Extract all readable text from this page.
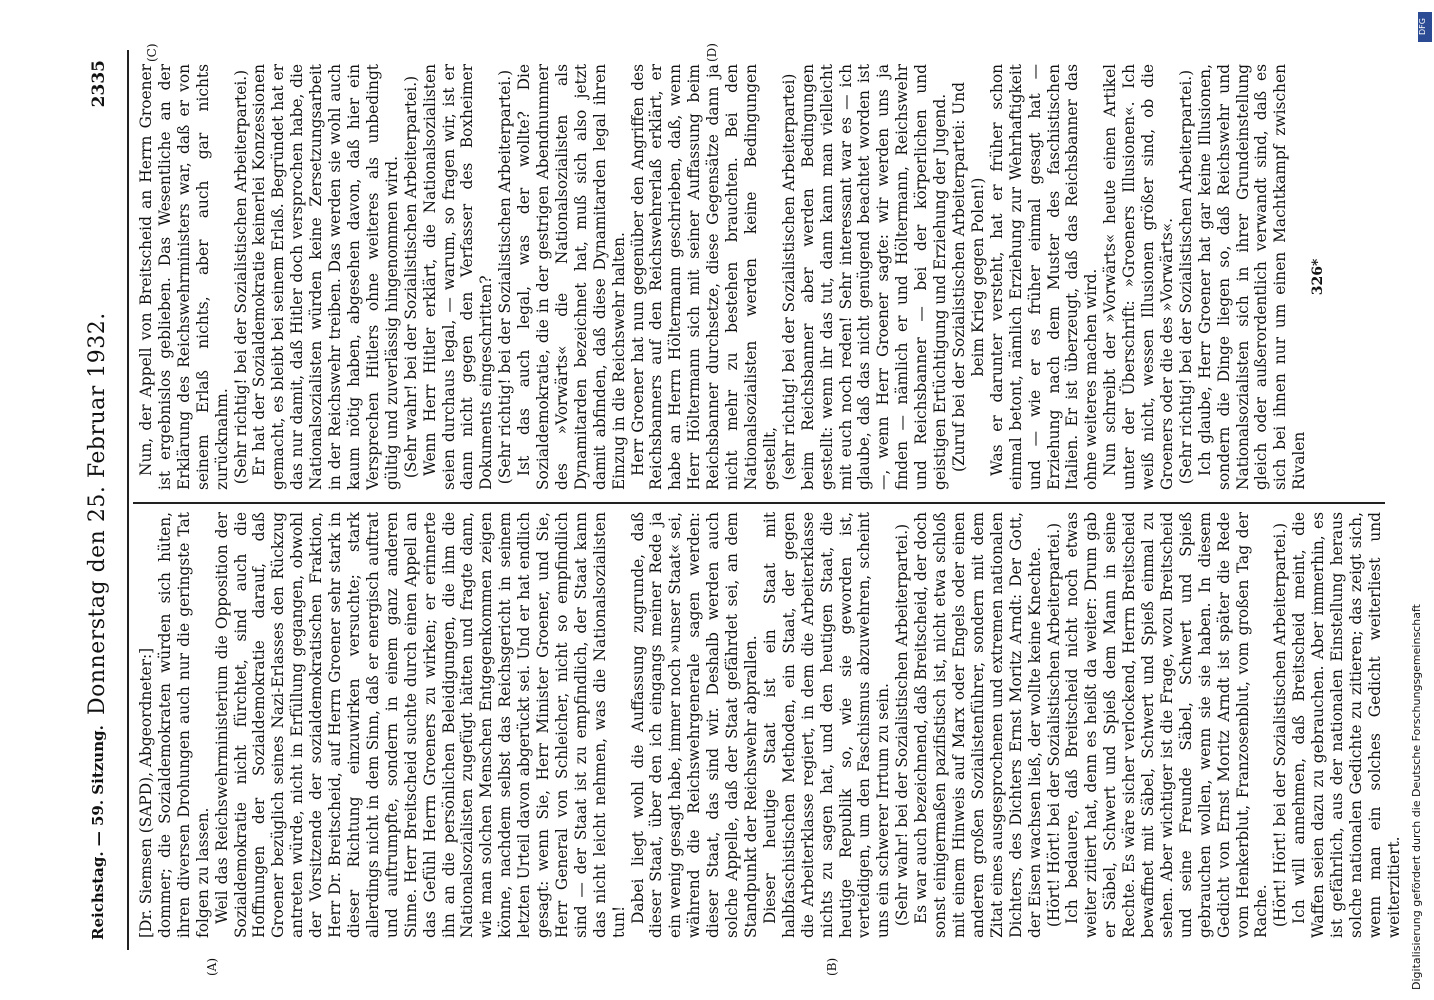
Reichstag. — 59. Sitzung.
Donnerstag den 25. Februar 1932.
2335
(A)	(B)
(C)	(D)

[Dr. Siemsen (SAPD), Abgeordneter:] dommer; die Sozialdemokraten würden sich hüten, ihren diversen Drohungen auch nur die geringste Tat folgen zu lassen. Weil das Reichswehrministerium die Opposition der Sozialdemokratie nicht fürchtet, sind auch die Hoffnungen der Sozialdemokratie darauf, daß Groener bezüglich seines Nazi-Erlasses den Rückzug antreten würde, nicht in Erfüllung gegangen, obwohl der Vorsitzende der sozialdemokratischen Fraktion, Herr Dr. Breitscheid, auf Herrn Groener sehr stark in dieser Richtung einzuwirken versuchte; stark allerdings nicht in dem Sinn, daß er energisch auftrat und auftrumpfte, sondern in einem ganz anderen Sinne. Herr Breitscheid suchte durch einen Appell an das Gefühl Herrn Groeners zu wirken; er erinnerte ihn an die persönlichen Beleidigungen, die ihm die Nationalsozialisten zugefügt hätten und fragte dann, wie man solchen Menschen Entgegenkommen zeigen könne, nachdem selbst das Reichsgericht in seinem letzten Urteil davon abgerückt sei. Und er hat endlich gesagt: wenn Sie, Herr Minister Groener, und Sie, Herr General von Schleicher, nicht so empfindlich sind — der Staat ist zu empfindlich, der Staat kann das nicht leicht nehmen, was die Nationalsozialisten tun! Dabei liegt wohl die Auffassung zugrunde, daß dieser Staat, über den ich eingangs meiner Rede ja ein wenig gesagt habe, immer noch »unser Staat« sei, während die Reichswehrgenerale sagen werden: dieser Staat, das sind wir. Deshalb werden auch solche Appelle, daß der Staat gefährdet sei, an dem Standpunkt der Reichswehr abprallen. Dieser heutige Staat ist ein Staat mit halbfaschistischen Methoden, ein Staat, der gegen die Arbeiterklasse regiert, in dem die Arbeiterklasse nichts zu sagen hat, und den heutigen Staat, die heutige Republik so, wie sie geworden ist, verteidigen, um den Faschismus abzuwehren, scheint uns ein schwerer Irrtum zu sein. (Sehr wahr! bei der Sozialistischen Arbeiterpartei.) Es war auch bezeichnend, daß Breitscheid, der doch sonst einigermaßen pazifistisch ist, nicht etwa schloß mit einem Hinweis auf Marx oder Engels oder einen anderen großen Sozialistenführer, sondern mit dem Zitat eines ausgesprochenen und extremen nationalen Dichters, des Dichters Ernst Moritz Arndt: Der Gott, der Eisen wachsen ließ, der wollte keine Knechte. (Hört! Hört! bei der Sozialistischen Arbeiterpartei.) Ich bedauere, daß Breitscheid nicht noch etwas weiter zitiert hat, denn es heißt da weiter: Drum gab er Säbel, Schwert und Spieß dem Mann in seine Rechte. Es wäre sicher verlockend, Herrn Breitscheid bewaffnet mit Säbel, Schwert und Spieß einmal zu sehen. Aber wichtiger ist die Frage, wozu Breitscheid und seine Freunde Säbel, Schwert und Spieß gebrauchen wollen, wenn sie sie haben. In diesem Gedicht von Ernst Moritz Arndt ist später die Rede vom Henkerblut, Franzosenblut, vom großen Tag der Rache. (Hört! Hört! bei der Sozialistischen Arbeiterpartei.) Ich will annehmen, daß Breitscheid meint, die Waffen seien dazu zu gebrauchen. Aber immerhin, es ist gefährlich, aus der nationalen Einstellung heraus solche nationalen Gedichte zu zitieren; das zeigt sich, wenn man ein solches Gedicht weiterliest und weiterzitiert.

Nun, der Appell von Breitscheid an Herrn Groener ist ergebnislos geblieben. Das Wesentliche an der Erklärung des Reichswehrministers war, daß er von seinem Erlaß nichts, aber auch gar nichts zurücknahm. (Sehr richtig! bei der Sozialistischen Arbeiterpartei.) Er hat der Sozialdemokratie keinerlei Konzessionen gemacht, es bleibt bei seinem Erlaß. Begründet hat er das nur damit, daß Hitler doch versprochen habe, die Nationalsozialisten würden keine Zersetzungsarbeit in der Reichswehr treiben. Das werden sie wohl auch kaum nötig haben, abgesehen davon, daß hier ein Versprechen Hitlers ohne weiteres als unbedingt gültig und zuverlässig hingenommen wird. (Sehr wahr! bei der Sozialistischen Arbeiterpartei.) Wenn Herr Hitler erklärt, die Nationalsozialisten seien durchaus legal, — warum, so fragen wir, ist er dann nicht gegen den Verfasser des Boxheimer Dokuments eingeschritten? (Sehr richtig! bei der Sozialistischen Arbeiterpartei.) Ist das auch legal, was der wollte? Die Sozialdemokratie, die in der gestrigen Abendnummer des »Vorwärts« die Nationalsozialisten als Dynamitarden bezeichnet hat, muß sich also jetzt damit abfinden, daß diese Dynamitarden legal ihren Einzug in die Reichswehr halten. Herr Groener hat nun gegenüber den Angriffen des Reichsbanners auf den Reichswehrerlaß erklärt, er habe an Herrn Höltermann geschrieben, daß, wenn Herr Höltermann sich mit seiner Auffassung beim Reichsbanner durchsetze, diese Gegensätze dann ja nicht mehr zu bestehen brauchten. Bei den Nationalsozialisten werden keine Bedingungen gestellt, (sehr richtig! bei der Sozialistischen Arbeiterpartei) beim Reichsbanner aber werden Bedingungen gestellt: wenn ihr das tut, dann kann man vielleicht mit euch noch reden! Sehr interessant war es — ich glaube, daß das nicht genügend beachtet worden ist —, wenn Herr Groener sagte: wir werden uns ja finden — nämlich er und Höltermann, Reichswehr und Reichsbanner — bei der körperlichen und geistigen Ertüchtigung und Erziehung der Jugend. (Zuruf bei der Sozialistischen Arbeiterpartei: Und beim Krieg gegen Polen!) Was er darunter versteht, hat er früher schon einmal betont, nämlich Erziehung zur Wehrhaftigkeit und — wie er es früher einmal gesagt hat — Erziehung nach dem Muster des faschistischen Italien. Er ist überzeugt, daß das Reichsbanner das ohne weiteres machen wird. Nun schreibt der »Vorwärts« heute einen Artikel unter der Überschrift: »Groeners Illusionen«. Ich weiß nicht, wessen Illusionen größer sind, ob die Groeners oder die des »Vorwärts«. (Sehr richtig! bei der Sozialistischen Arbeiterpartei.) Ich glaube, Herr Groener hat gar keine Illusionen, sondern die Dinge liegen so, daß Reichswehr und Nationalsozialisten sich in ihrer Grundeinstellung gleich oder außerordentlich verwandt sind, daß es sich bei ihnen nur um einen Machtkampf zwischen Rivalen

326*

DFG
Digitalisierung gefördert durch die Deutsche Forschungsgemeinschaft
